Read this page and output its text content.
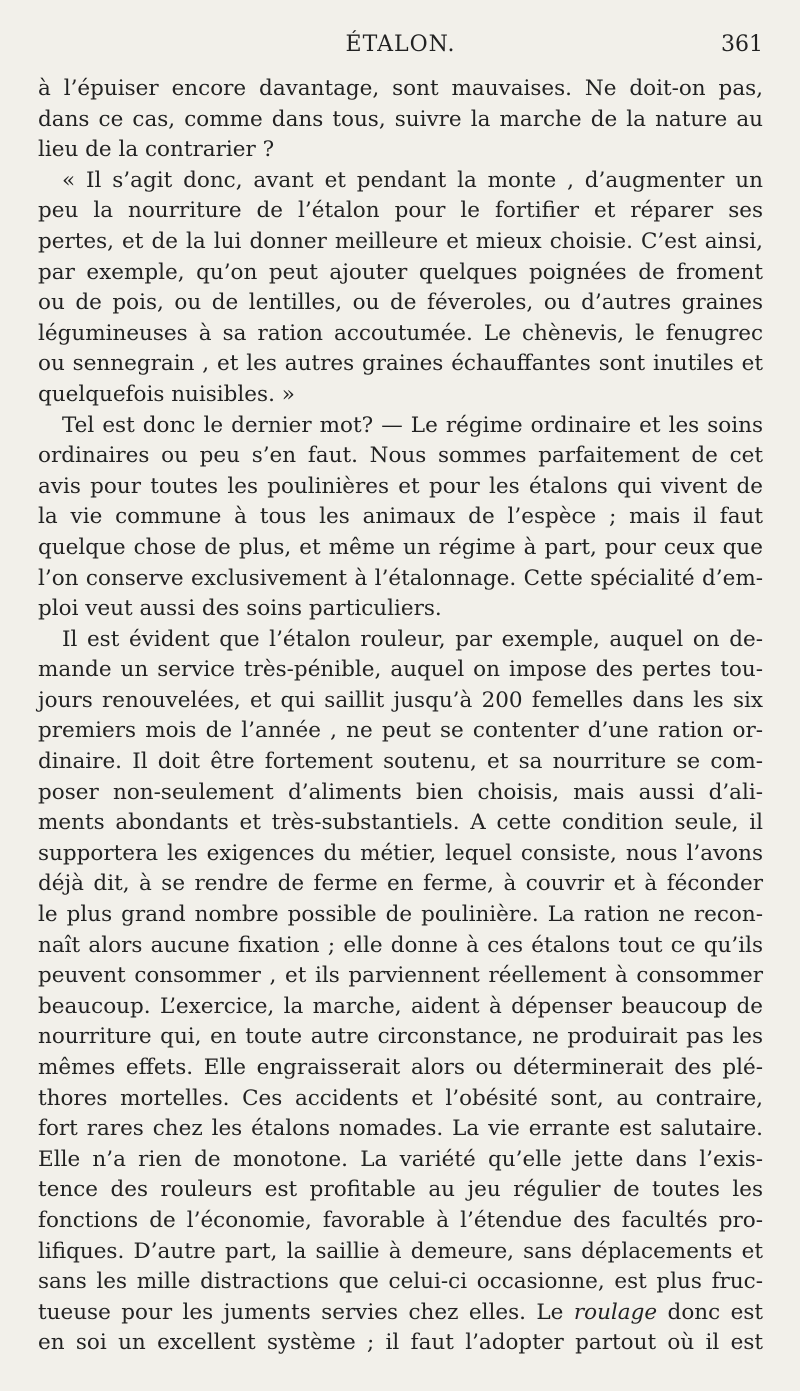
ÉTALON.	361
à l’épuiser encore davantage, sont mauvaises. Ne doit-on pas,
dans ce cas, comme dans tous, suivre la marche de la nature au
lieu de la contrarier ?
« Il s’agit donc, avant et pendant la monte , d’augmenter un
peu la nourriture de l’étalon pour le fortifier et réparer ses
pertes, et de la lui donner meilleure et mieux choisie. C’est ainsi,
par exemple, qu’on peut ajouter quelques poignées de froment
ou de pois, ou de lentilles, ou de féveroles, ou d’autres graines
légumineuses à sa ration accoutumée. Le chènevis, le fenugrec
ou sennegrain , et les autres graines échauffantes sont inutiles et
quelquefois nuisibles. »
Tel est donc le dernier mot? — Le régime ordinaire et les soins
ordinaires ou peu s’en faut. Nous sommes parfaitement de cet
avis pour toutes les poulinières et pour les étalons qui vivent de
la vie commune à tous les animaux de l’espèce ; mais il faut
quelque chose de plus, et même un régime à part, pour ceux que
l’on conserve exclusivement à l’étalonnage. Cette spécialité d’em-
ploi veut aussi des soins particuliers.
Il est évident que l’étalon rouleur, par exemple, auquel on de-
mande un service très-pénible, auquel on impose des pertes tou-
jours renouvelées, et qui saillit jusqu’à 200 femelles dans les six
premiers mois de l’année , ne peut se contenter d’une ration or-
dinaire. Il doit être fortement soutenu, et sa nourriture se com-
poser non-seulement d’aliments bien choisis, mais aussi d’ali-
ments abondants et très-substantiels. A cette condition seule, il
supportera les exigences du métier, lequel consiste, nous l’avons
déjà dit, à se rendre de ferme en ferme, à couvrir et à féconder
le plus grand nombre possible de poulinière. La ration ne recon-
naît alors aucune fixation ; elle donne à ces étalons tout ce qu’ils
peuvent consommer , et ils parviennent réellement à consommer
beaucoup. L’exercice, la marche, aident à dépenser beaucoup de
nourriture qui, en toute autre circonstance, ne produirait pas les
mêmes effets. Elle engraisserait alors ou déterminerait des plé-
thores mortelles. Ces accidents et l’obésité sont, au contraire,
fort rares chez les étalons nomades. La vie errante est salutaire.
Elle n’a rien de monotone. La variété qu’elle jette dans l’exis-
tence des rouleurs est profitable au jeu régulier de toutes les
fonctions de l’économie, favorable à l’étendue des facultés pro-
lifiques. D’autre part, la saillie à demeure, sans déplacements et
sans les mille distractions que celui-ci occasionne, est plus fruc-
tueuse pour les juments servies chez elles. Le roulage donc est
en soi un excellent système ; il faut l’adopter partout où il est
